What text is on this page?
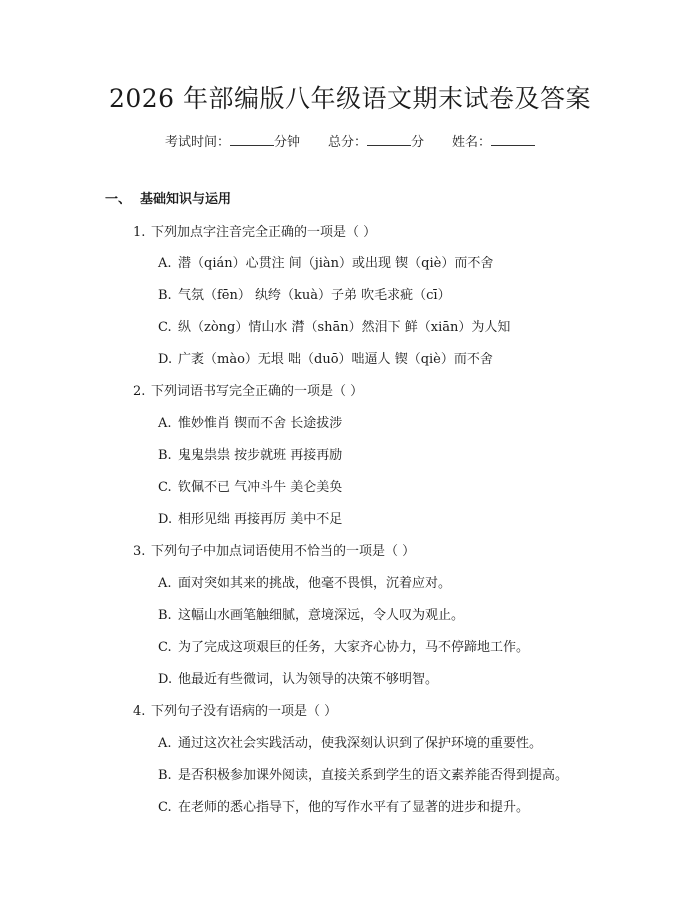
2026 年部编版八年级语文期末试卷及答案
考试时间：	分钟 总分：	分 姓名：
一、 基础知识与运用
1. 下列加点字注音完全正确的一项是（ ）
A. 潜（qián）心贯注 间（jiàn）或出现 锲（qiè）而不舍
B. 气氛（fēn） 纨绔（kuà）子弟 吹毛求疵（cī）
C. 纵（zòng）情山水 潸（shān）然泪下 鲜（xiān）为人知
D. 广袤（mào）无垠 咄（duō）咄逼人 锲（qiè）而不舍
2. 下列词语书写完全正确的一项是（ ）
A. 惟妙惟肖 锲而不舍 长途拔涉
B. 鬼鬼祟祟 按步就班 再接再励
C. 钦佩不已 气冲斗牛 美仑美奂
D. 相形见绌 再接再厉 美中不足
3. 下列句子中加点词语使用不恰当的一项是（ ）
A. 面对突如其来的挑战，他毫不畏惧，沉着应对。
B. 这幅山水画笔触细腻，意境深远，令人叹为观止。
C. 为了完成这项艰巨的任务，大家齐心协力，马不停蹄地工作。
D. 他最近有些微词，认为领导的决策不够明智。
4. 下列句子没有语病的一项是（ ）
A. 通过这次社会实践活动，使我深刻认识到了保护环境的重要性。
B. 是否积极参加课外阅读，直接关系到学生的语文素养能否得到提高。
C. 在老师的悉心指导下，他的写作水平有了显著的进步和提升。
